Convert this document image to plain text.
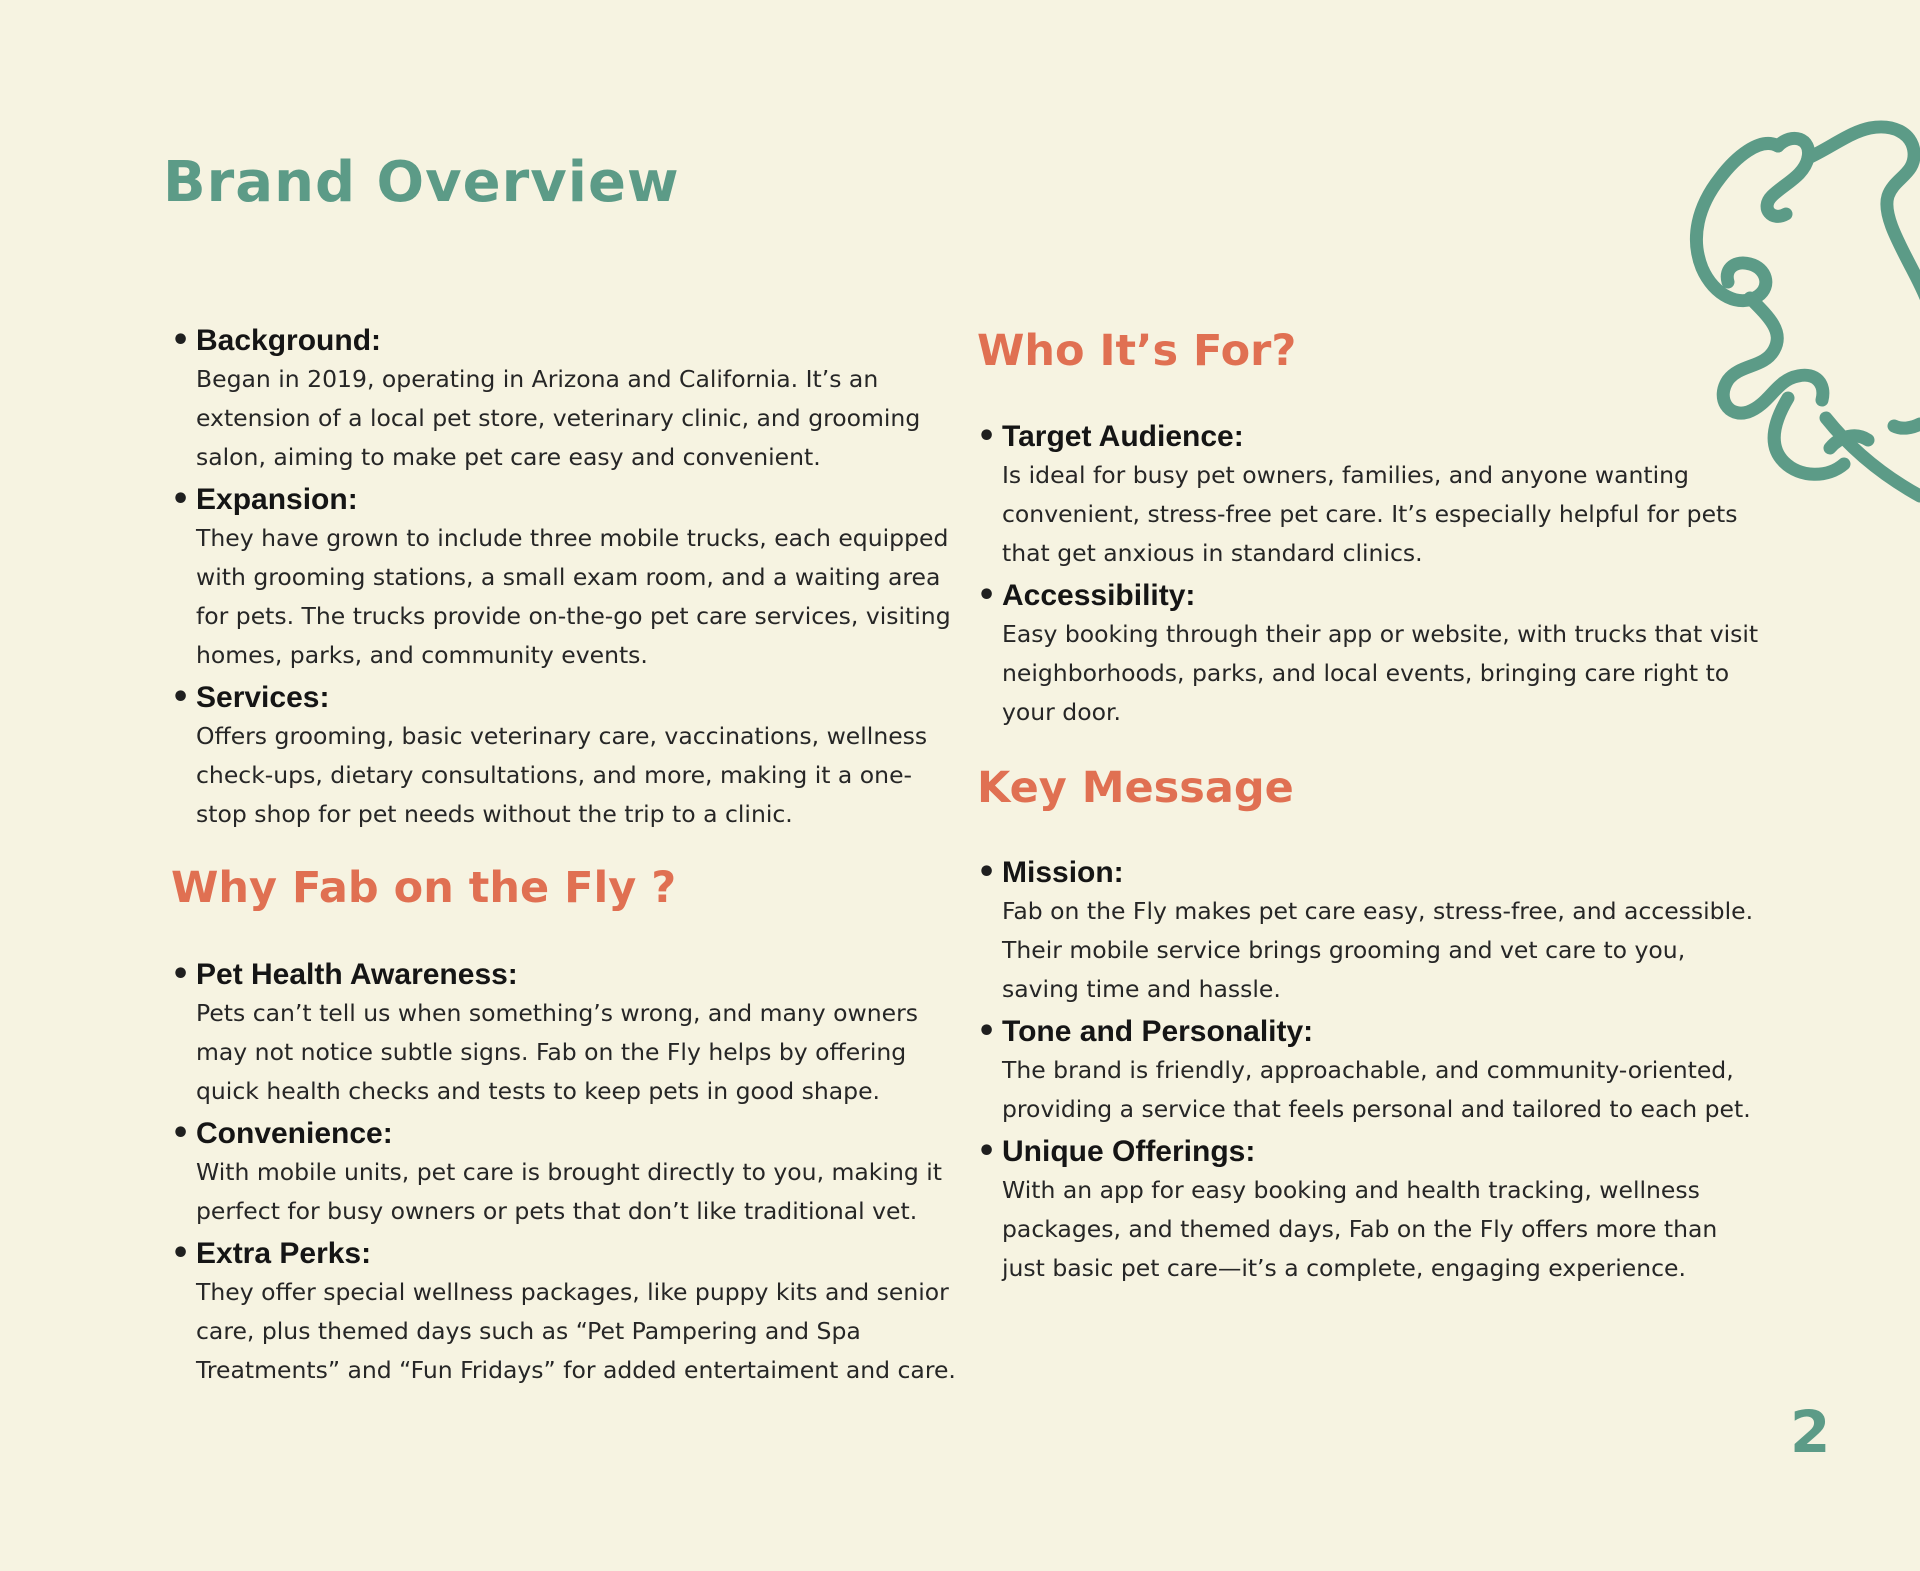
Brand Overview
• Background:
Began in 2019, operating in Arizona and California. It’s an extension of a local pet store, veterinary clinic, and grooming salon, aiming to make pet care easy and convenient.
• Expansion:
They have grown to include three mobile trucks, each equipped with grooming stations, a small exam room, and a waiting area for pets. The trucks provide on-the-go pet care services, visiting homes, parks, and community events.
• Services:
Offers grooming, basic veterinary care, vaccinations, wellness check-ups, dietary consultations, and more, making it a one-stop shop for pet needs without the trip to a clinic.
Why Fab on the Fly ?
• Pet Health Awareness:
Pets can’t tell us when something’s wrong, and many owners may not notice subtle signs. Fab on the Fly helps by offering quick health checks and tests to keep pets in good shape.
• Convenience:
With mobile units, pet care is brought directly to you, making it perfect for busy owners or pets that don’t like traditional vet.
• Extra Perks:
They offer special wellness packages, like puppy kits and senior care, plus themed days such as “Pet Pampering and Spa Treatments” and “Fun Fridays” for added entertaiment and care.
Who It’s For?
• Target Audience:
Is ideal for busy pet owners, families, and anyone wanting convenient, stress-free pet care. It’s especially helpful for pets that get anxious in standard clinics.
• Accessibility:
Easy booking through their app or website, with trucks that visit neighborhoods, parks, and local events, bringing care right to your door.
Key Message
• Mission:
Fab on the Fly makes pet care easy, stress-free, and accessible. Their mobile service brings grooming and vet care to you, saving time and hassle.
• Tone and Personality:
The brand is friendly, approachable, and community-oriented, providing a service that feels personal and tailored to each pet.
• Unique Offerings:
With an app for easy booking and health tracking, wellness packages, and themed days, Fab on the Fly offers more than just basic pet care—it’s a complete, engaging experience.
2
